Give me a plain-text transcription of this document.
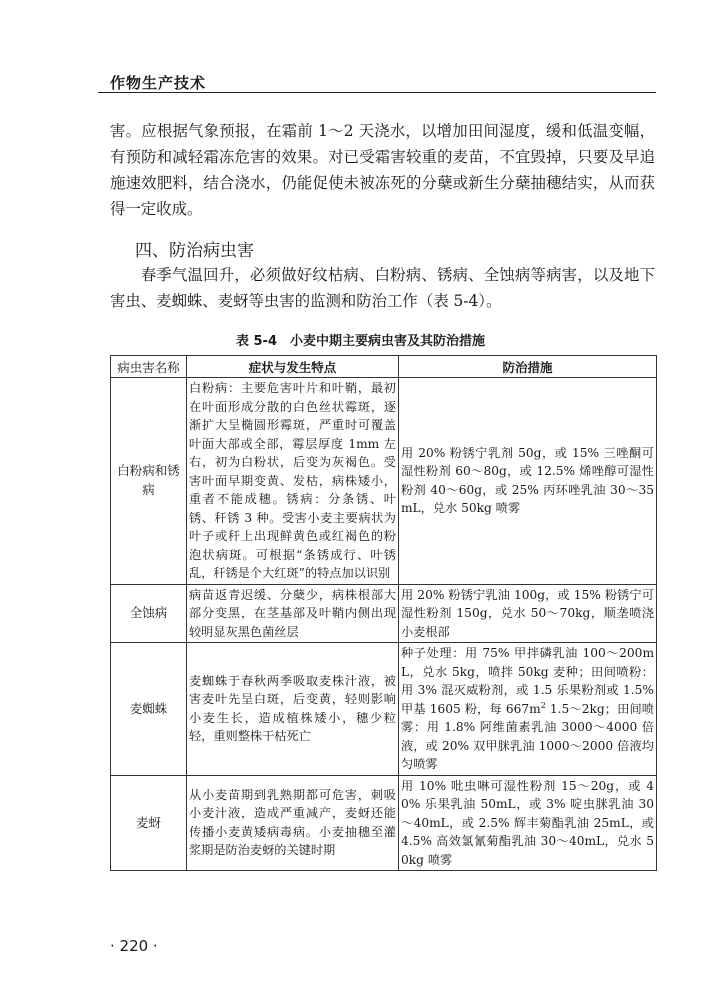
作物生产技术

害。应根据气象预报，在霜前 1～2 天浇水，以增加田间湿度，缓和低温变幅，有预防和减轻霜冻危害的效果。对已受霜害较重的麦苗，不宜毁掉，只要及早追施速效肥料，结合浇水，仍能促使未被冻死的分蘖或新生分蘖抽穗结实，从而获得一定收成。

四、防治病虫害

春季气温回升，必须做好纹枯病、白粉病、锈病、全蚀病等病害，以及地下害虫、麦蜘蛛、麦蚜等虫害的监测和防治工作（表 5-4）。

表 5-4　小麦中期主要病虫害及其防治措施
病虫害名称	症状与发生特点	防治措施
白粉病和锈病	白粉病：主要危害叶片和叶鞘，最初在叶面形成分散的白色丝状霉斑，逐渐扩大呈椭圆形霉斑，严重时可覆盖叶面大部或全部，霉层厚度 1mm 左右，初为白粉状，后变为灰褐色。受害叶面早期变黄、发枯，病株矮小，重者不能成穗。锈病：分条锈、叶锈、秆锈 3 种。受害小麦主要病状为叶子或秆上出现鲜黄色或红褐色的粉泡状病斑。可根据“条锈成行、叶锈乱，秆锈是个大红斑”的特点加以识别	用 20% 粉锈宁乳剂 50g，或 15% 三唑酮可湿性粉剂 60～80g，或 12.5% 烯唑醇可湿性粉剂 40～60g，或 25% 丙环唑乳油 30～35mL，兑水 50kg 喷雾
全蚀病	病苗返青迟缓、分蘖少，病株根部大部分变黑，在茎基部及叶鞘内侧出现较明显灰黑色菌丝层	用 20% 粉锈宁乳油 100g，或 15% 粉锈宁可湿性粉剂 150g，兑水 50～70kg，顺垄喷浇小麦根部
麦蜘蛛	麦蜘蛛于春秋两季吸取麦株汁液，被害麦叶先呈白斑，后变黄，轻则影响小麦生长，造成植株矮小，穗少粒轻，重则整株干枯死亡	种子处理：用 75% 甲拌磷乳油 100～200mL，兑水 5kg，喷拌 50kg 麦种；田间喷粉：用 3% 混灭威粉剂，或 1.5 乐果粉剂或 1.5% 甲基 1605 粉，每 $667m^2$ 1.5～2kg；田间喷雾：用 1.8% 阿维菌素乳油 3000～4000 倍液，或 20% 双甲脒乳油 1000～2000 倍液均匀喷雾
麦蚜	从小麦苗期到乳熟期都可危害，刺吸小麦汁液，造成严重减产，麦蚜还能传播小麦黄矮病毒病。小麦抽穗至灌浆期是防治麦蚜的关键时期	用 10% 吡虫啉可湿性粉剂 15～20g，或 40% 乐果乳油 50mL，或 3% 啶虫脒乳油 30～40mL，或 2.5% 辉丰菊酯乳油 25mL，或 4.5% 高效氯氰菊酯乳油 30～40mL，兑水 50kg 喷雾
· 220 ·
